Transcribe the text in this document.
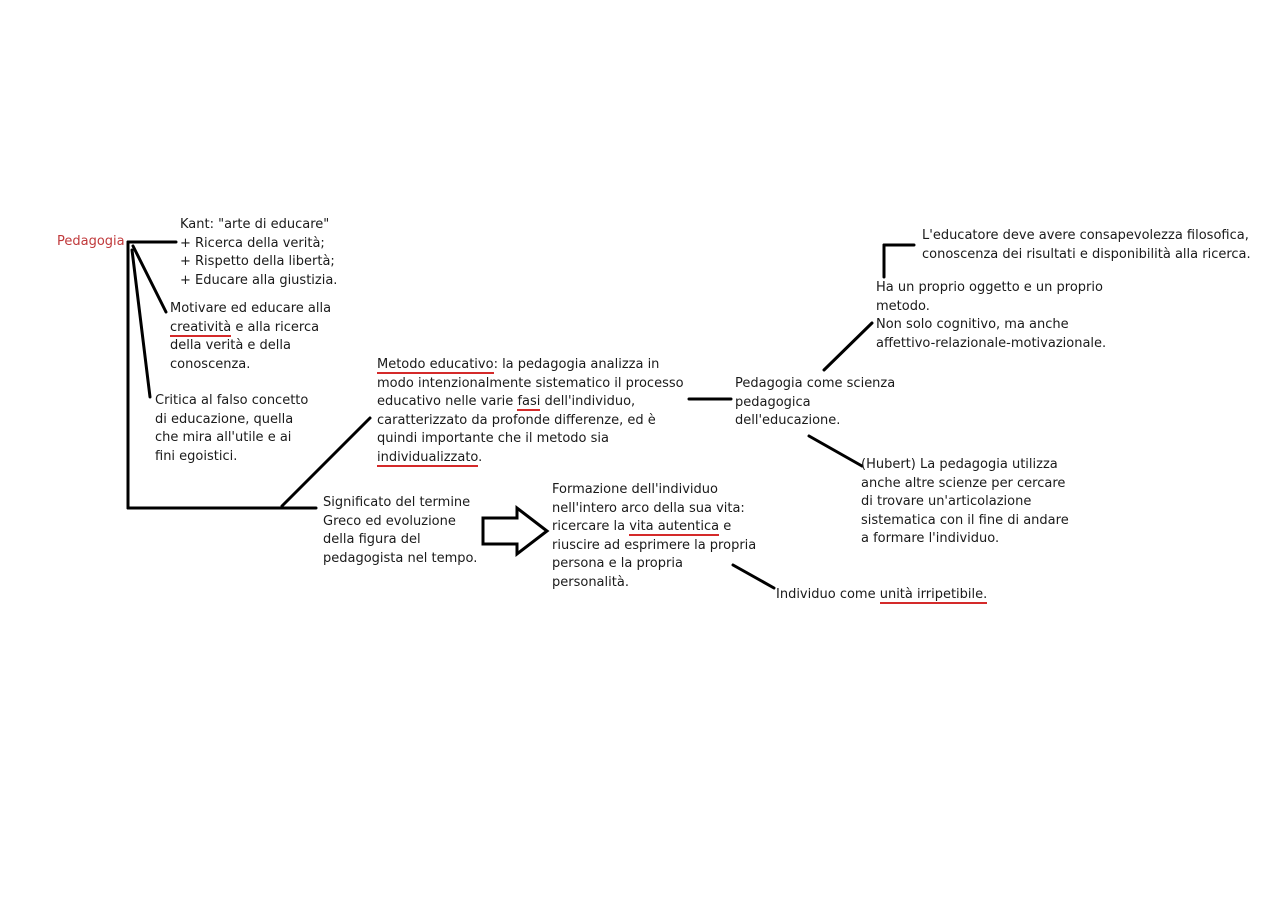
Pedagogia

Kant: "arte di educare"
+ Ricerca della verità;
+ Rispetto della libertà;
+ Educare alla giustizia.
Motivare ed educare alla
creatività e alla ricerca
della verità e della
conoscenza.
Critica al falso concetto
di educazione, quella
che mira all'utile e ai
fini egoistici.
Metodo educativo: la pedagogia analizza in
modo intenzionalmente sistematico il processo
educativo nelle varie fasi dell'individuo,
caratterizzato da profonde differenze, ed è
quindi importante che il metodo sia
individualizzato.
Significato del termine
Greco ed evoluzione
della figura del
pedagogista nel tempo.
Formazione dell'individuo
nell'intero arco della sua vita:
ricercare la vita autentica e
riuscire ad esprimere la propria
persona e la propria
personalità.
Pedagogia come scienza
pedagogica
dell'educazione.
L'educatore deve avere consapevolezza filosofica,
conoscenza dei risultati e disponibilità alla ricerca.
Ha un proprio oggetto e un proprio
metodo.
Non solo cognitivo, ma anche
affettivo-relazionale-motivazionale.
(Hubert) La pedagogia utilizza
anche altre scienze per cercare
di trovare un'articolazione
sistematica con il fine di andare
a formare l'individuo.
Individuo come unità irripetibile.
